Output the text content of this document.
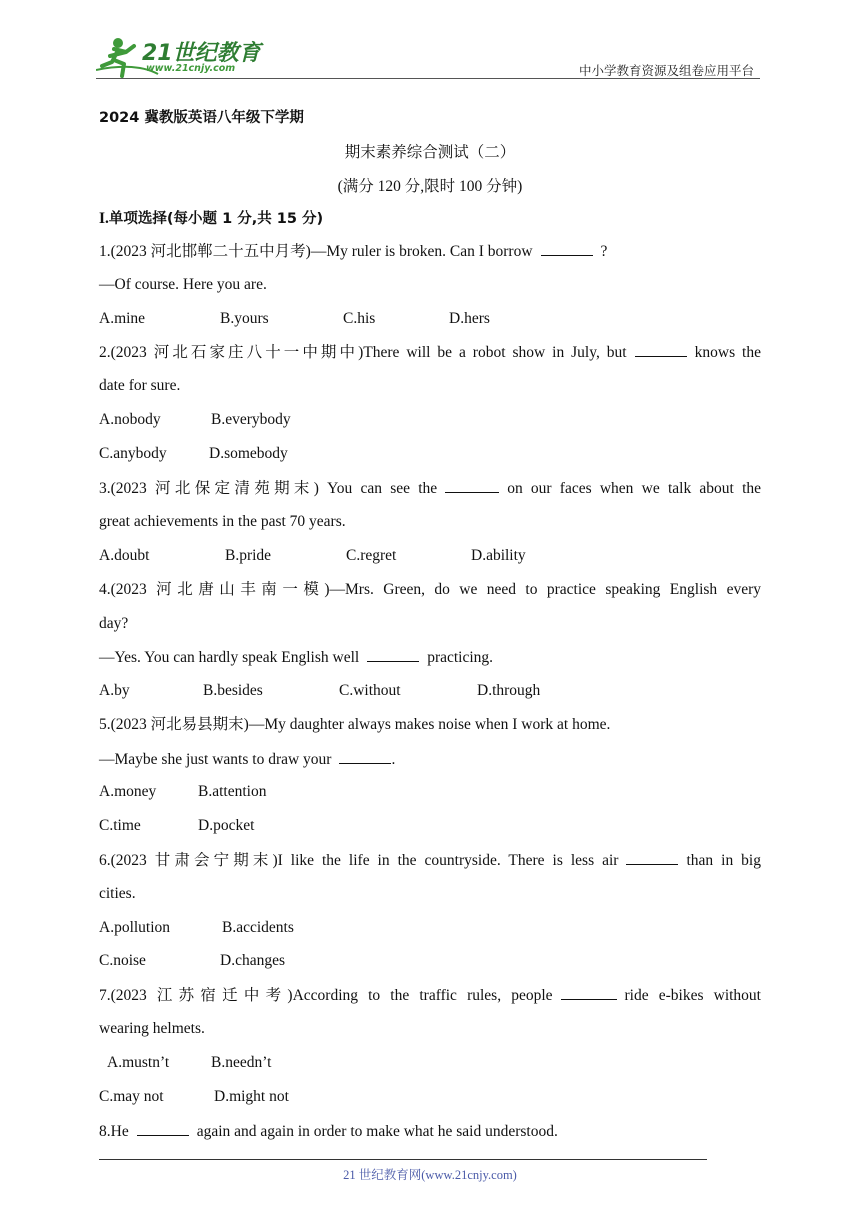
21世纪教育
www.21cnjy.com	中小学教育资源及组卷应用平台
2024 冀教版英语八年级下学期
期末素养综合测试（二）
(满分 120 分,限时 100 分钟)
I.单项选择(每小题 1 分,共 15 分)
1.(2023 河北邯郸二十五中月考)—My ruler is broken. Can I borrow	?
—Of course. Here you are.
A.mine	B.yours	C.his	D.hers
2.(2023 河北石家庄八十一中期中)There will be a robot show in July, but	knows the
date for sure.
A.nobody	B.everybody
C.anybody	D.somebody
3.(2023 河北保定清苑期末) You can see the	on our faces when we talk about the
great achievements in the past 70 years.
A.doubt	B.pride	C.regret	D.ability
4.(2023 河北唐山丰南一模)—Mrs. Green, do we need to practice speaking English every
day?
—Yes. You can hardly speak English well	practicing.
A.by	B.besides	C.without	D.through
5.(2023 河北易县期末)—My daughter always makes noise when I work at home.
—Maybe she just wants to draw your	.
A.money	B.attention
C.time	D.pocket
6.(2023 甘肃会宁期末)I like the life in the countryside. There is less air	than in big
cities.
A.pollution	B.accidents
C.noise	D.changes
7.(2023 江苏宿迁中考)According to the traffic rules, people	ride e-bikes without
wearing helmets.
A.mustn’t	B.needn’t
C.may not	D.might not
8.He	again and again in order to make what he said understood.
21 世纪教育网(www.21cnjy.com)
